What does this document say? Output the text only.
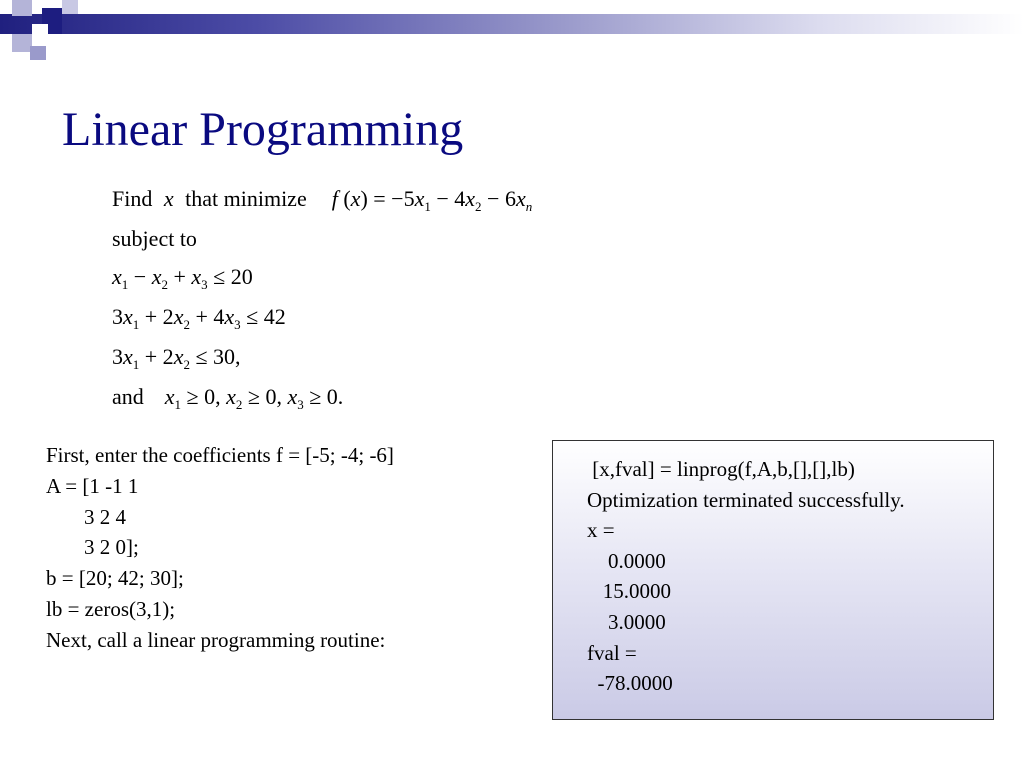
Linear Programming
Find x that minimize f $(x) = -5x_1 - 4x_2 - 6x_n$
subject to
$x_1 - x_2 + x_3 \le 20$
$3x_1 + 2x_2 + 4x_3 \le 42$
$3x_1 + 2x_2 \le 30$,
and $x_1 \ge 0$, $x_2 \ge 0$, $x_3 \ge 0$.
First, enter the coefficients f = [-5; -4; -6]
A = [1 -1 1
3 2 4
3 2 0];
b = [20; 42; 30];
lb = zeros(3,1);
Next, call a linear programming routine:
[x,fval] = linprog(f,A,b,[],[],lb)
Optimization terminated successfully.
x =
0.0000
15.0000
3.0000
fval =
-78.0000
